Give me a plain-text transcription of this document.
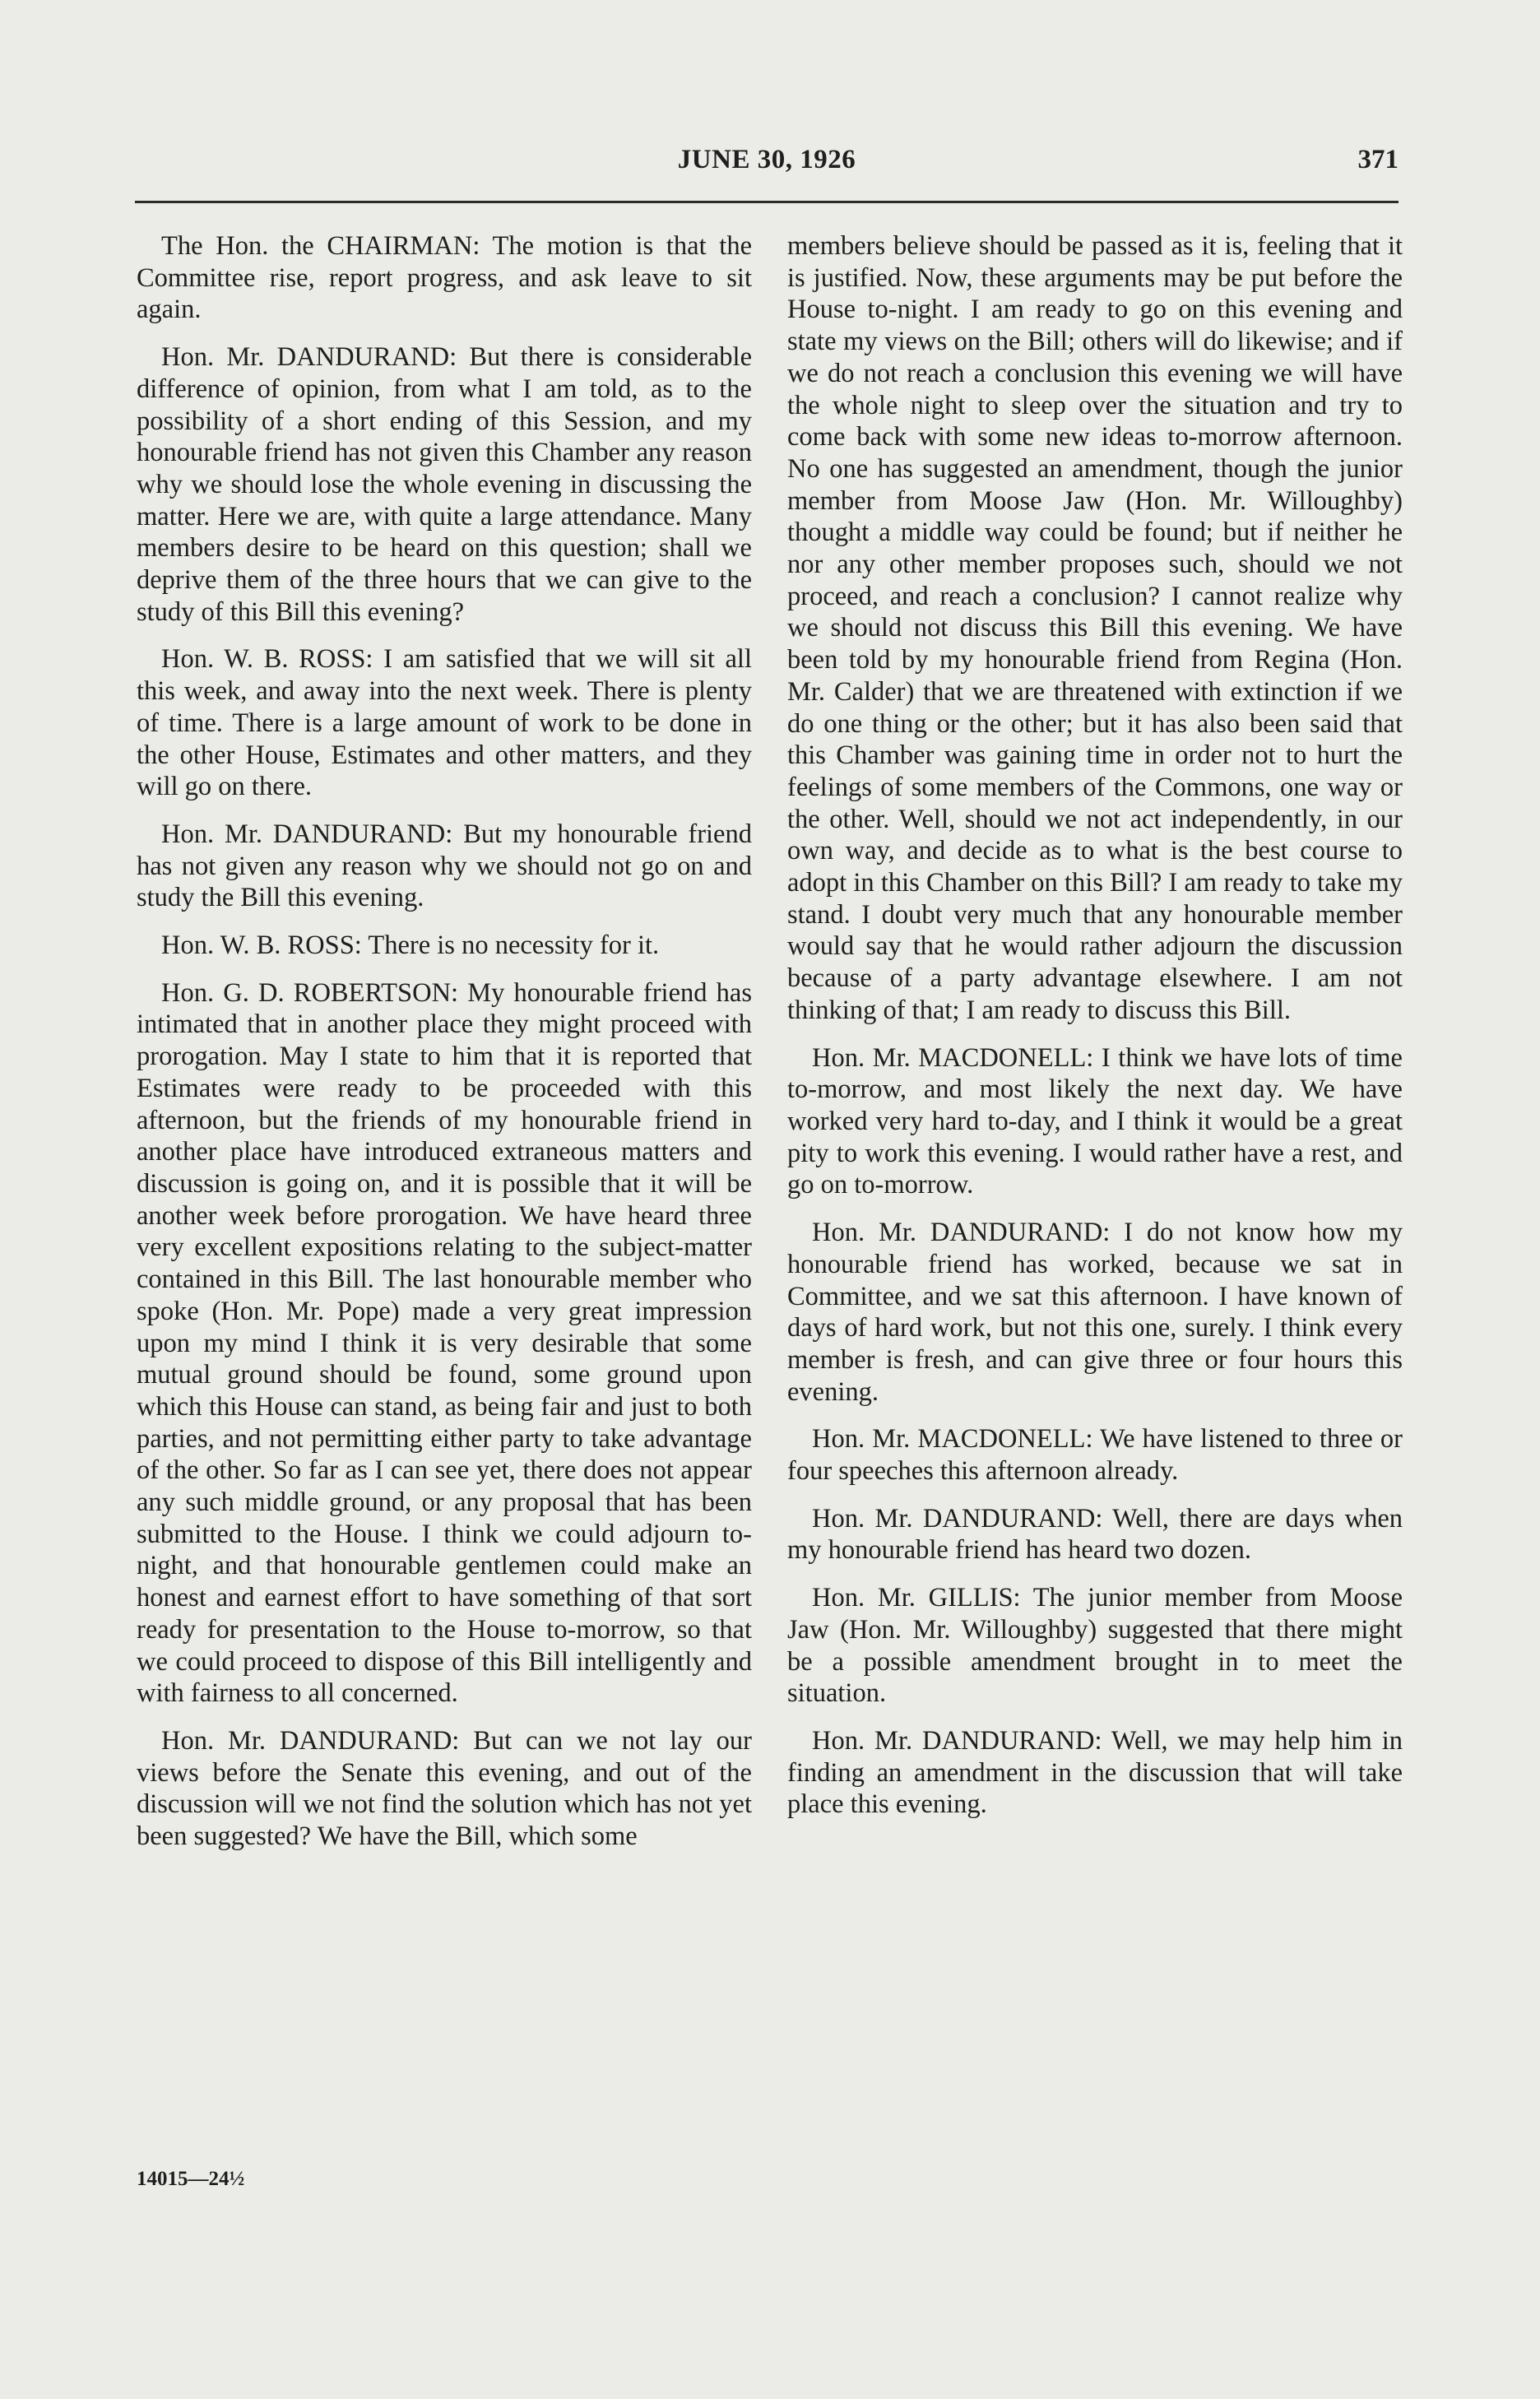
JUNE 30, 1926	371

The Hon. the CHAIRMAN: The motion is that the Committee rise, report progress, and ask leave to sit again.

Hon. Mr. DANDURAND: But there is considerable difference of opinion, from what I am told, as to the possibility of a short ending of this Session, and my honourable friend has not given this Chamber any reason why we should lose the whole evening in discussing the matter. Here we are, with quite a large attendance. Many members desire to be heard on this question; shall we deprive them of the three hours that we can give to the study of this Bill this evening?

Hon. W. B. ROSS: I am satisfied that we will sit all this week, and away into the next week. There is plenty of time. There is a large amount of work to be done in the other House, Estimates and other matters, and they will go on there.

Hon. Mr. DANDURAND: But my honourable friend has not given any reason why we should not go on and study the Bill this evening.

Hon. W. B. ROSS: There is no necessity for it.

Hon. G. D. ROBERTSON: My honourable friend has intimated that in another place they might proceed with prorogation. May I state to him that it is reported that Estimates were ready to be proceeded with this afternoon, but the friends of my honourable friend in another place have introduced extraneous matters and discussion is going on, and it is possible that it will be another week before prorogation. We have heard three very excellent expositions relating to the subject-matter contained in this Bill. The last honourable member who spoke (Hon. Mr. Pope) made a very great impression upon my mind I think it is very desirable that some mutual ground should be found, some ground upon which this House can stand, as being fair and just to both parties, and not permitting either party to take advantage of the other. So far as I can see yet, there does not appear any such middle ground, or any proposal that has been submitted to the House. I think we could adjourn to-night, and that honourable gentlemen could make an honest and earnest effort to have something of that sort ready for presentation to the House to-morrow, so that we could proceed to dispose of this Bill intelligently and with fairness to all concerned.

Hon. Mr. DANDURAND: But can we not lay our views before the Senate this evening, and out of the discussion will we not find the solution which has not yet been suggested? We have the Bill, which some

members believe should be passed as it is, feeling that it is justified. Now, these arguments may be put before the House to-night. I am ready to go on this evening and state my views on the Bill; others will do likewise; and if we do not reach a conclusion this evening we will have the whole night to sleep over the situation and try to come back with some new ideas to-morrow afternoon. No one has suggested an amendment, though the junior member from Moose Jaw (Hon. Mr. Willoughby) thought a middle way could be found; but if neither he nor any other member proposes such, should we not proceed, and reach a conclusion? I cannot realize why we should not discuss this Bill this evening. We have been told by my honourable friend from Regina (Hon. Mr. Calder) that we are threatened with extinction if we do one thing or the other; but it has also been said that this Chamber was gaining time in order not to hurt the feelings of some members of the Commons, one way or the other. Well, should we not act independently, in our own way, and decide as to what is the best course to adopt in this Chamber on this Bill? I am ready to take my stand. I doubt very much that any honourable member would say that he would rather adjourn the discussion because of a party advantage elsewhere. I am not thinking of that; I am ready to discuss this Bill.

Hon. Mr. MACDONELL: I think we have lots of time to-morrow, and most likely the next day. We have worked very hard to-day, and I think it would be a great pity to work this evening. I would rather have a rest, and go on to-morrow.

Hon. Mr. DANDURAND: I do not know how my honourable friend has worked, because we sat in Committee, and we sat this afternoon. I have known of days of hard work, but not this one, surely. I think every member is fresh, and can give three or four hours this evening.

Hon. Mr. MACDONELL: We have listened to three or four speeches this afternoon already.

Hon. Mr. DANDURAND: Well, there are days when my honourable friend has heard two dozen.

Hon. Mr. GILLIS: The junior member from Moose Jaw (Hon. Mr. Willoughby) suggested that there might be a possible amendment brought in to meet the situation.

Hon. Mr. DANDURAND: Well, we may help him in finding an amendment in the discussion that will take place this evening.

14015—24½
